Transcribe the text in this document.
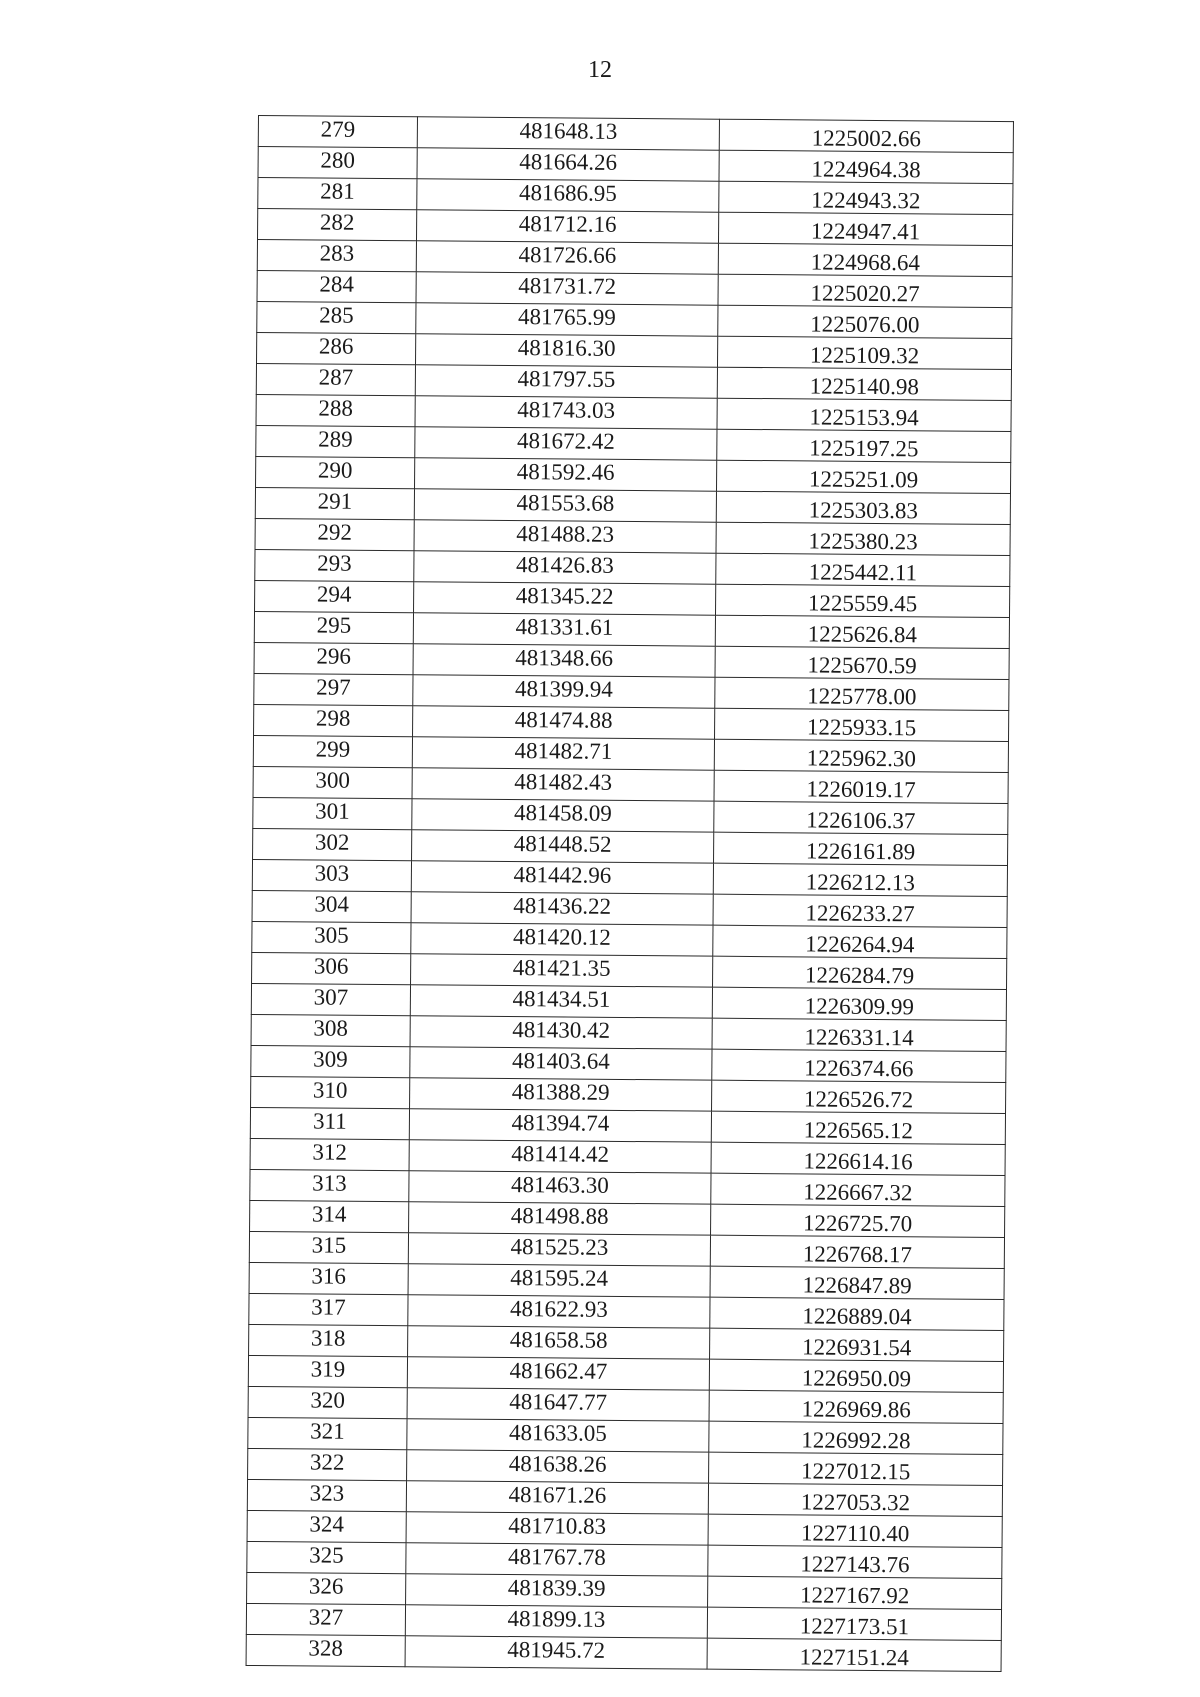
12
279	481648.13	1225002.66
280	481664.26	1224964.38
281	481686.95	1224943.32
282	481712.16	1224947.41
283	481726.66	1224968.64
284	481731.72	1225020.27
285	481765.99	1225076.00
286	481816.30	1225109.32
287	481797.55	1225140.98
288	481743.03	1225153.94
289	481672.42	1225197.25
290	481592.46	1225251.09
291	481553.68	1225303.83
292	481488.23	1225380.23
293	481426.83	1225442.11
294	481345.22	1225559.45
295	481331.61	1225626.84
296	481348.66	1225670.59
297	481399.94	1225778.00
298	481474.88	1225933.15
299	481482.71	1225962.30
300	481482.43	1226019.17
301	481458.09	1226106.37
302	481448.52	1226161.89
303	481442.96	1226212.13
304	481436.22	1226233.27
305	481420.12	1226264.94
306	481421.35	1226284.79
307	481434.51	1226309.99
308	481430.42	1226331.14
309	481403.64	1226374.66
310	481388.29	1226526.72
311	481394.74	1226565.12
312	481414.42	1226614.16
313	481463.30	1226667.32
314	481498.88	1226725.70
315	481525.23	1226768.17
316	481595.24	1226847.89
317	481622.93	1226889.04
318	481658.58	1226931.54
319	481662.47	1226950.09
320	481647.77	1226969.86
321	481633.05	1226992.28
322	481638.26	1227012.15
323	481671.26	1227053.32
324	481710.83	1227110.40
325	481767.78	1227143.76
326	481839.39	1227167.92
327	481899.13	1227173.51
328	481945.72	1227151.24
